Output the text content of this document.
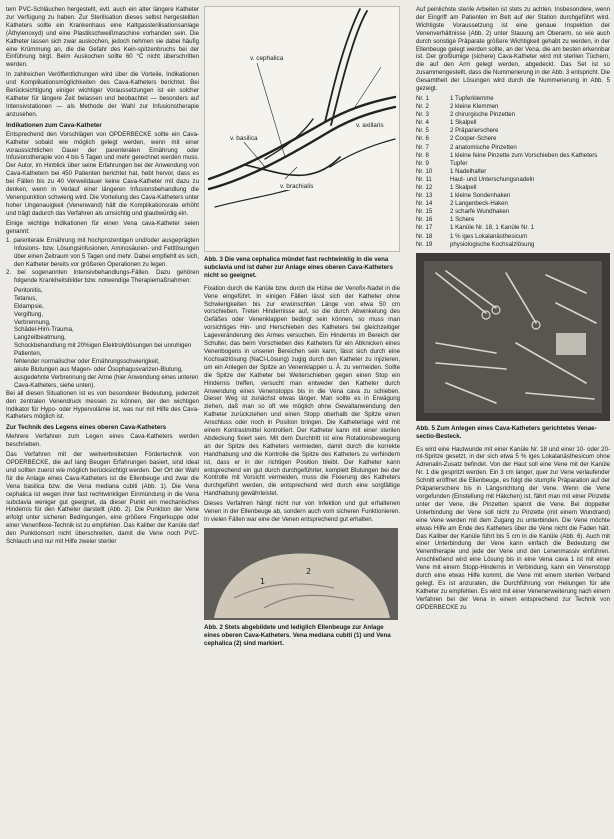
tem PVC-Schläuchen hergestellt, evtl. auch ein alter längere Katheter zur Verfügung zu haben. Zur Sterilisation dieses selbst hergestellten Katheters sollte ein Krankenhaus eine Kaltgassterilisationsanlage (Äthylenoxyd) und eine Plastikschweißmaschine vorhanden sein. Die Katheter lassen sich zwar auskochen, jedoch nehmen sie dabei häufig eine Krümmung an, die die Gefahr des Kein-spitzenbruchs bei der Einführung birgt. Beim Auskochen sollte 60 °C nicht überschritten werden.

In zahlreichen Veröffentlichungen wird über die Vorteile, Indikationen und Komplikationsmöglichkeiten des Cava-Katheters berichtet. Bei Berücksichtigung einiger wichtiger Voraussetzungen ist ein solcher Katheter für längere Zeit belassen und beobachtet — besonders auf Intensivstationen — als Methode der Wahl zur Infusionstherapie anzusehen.

Indikationen zum Cava-Katheter

Entsprechend den Vorschlägen von OPDERBECKE sollte ein Cava-Katheter sobald wie möglich gelegt werden, wenn mit einer voraussichtlichen Dauer der parenteralen Ernährung oder Infusionstherapie von 4 bis 5 Tagen und mehr gerechnet werden muss. Der Autor, im Hinblick über seine Erfahrungen bei der Anwendung von Cava-Kathetern bei 450 Patienten berichtet hat, hebt hervor, dass es bei Fällen bis zu 40 Verweildauer keine Cava-Katheter mit dazu zu denken, wenn in Verlauf einer längeren Infusionsbehandlung die Venenpunktion schwierig wird. Die Vorteilung des Cava-Katheters unter hoher Ungenauigkeit (Venenwand) hält die Komplikationsrate erhöht und trägt dadurch das Verfahren als umsichtig und glaubwürdig ein.

Einige wichtige Indikationen für einen Vena cava-Katheter seien genannt:

1. parenterale Ernährung mit hochprozentigen und/oder ausgeprägten Infusions- bzw. Lösungsinfusionen, Aminosäuren- und Fettlösungen über einen Zeitraum von 5 Tagen und mehr. Dabei empfiehlt es sich, den Katheter bereits vor größeren Operationen zu legen.
2. bei sogenannten Intensivbehandlungs-Fällen. Dazu gehören folgende Krankheitsbilder bzw. notwendige Therapiemaßnahmen:
Peritonitis,
Tetanus,
Eklampsie,
Vergiftung,
Verbrennung,
Schädel-Hirn-Trauma,
Langzeitbeatmung,
Schockbehandlung mit 20%igen Elektrolytlösungen bei unruhigen Patienten,
fehlender normalischer oder Ernährungsschwierigkeit,
akute Blutungen aus Magen- oder Ösophagusvarizen-Blutung,
ausgedehnte Verbrennung der Arme (hier Anwendung eines unteren Cava-Katheters, siehe unten).

Bei all diesen Situationen ist es von besonderer Bedeutung, jederzeit den zentralen Venendruck messen zu können, der den wichtigen Indikator für Hypo- oder Hypervolämie ist, was nur mit Hilfe des Cava-Katheters möglich ist.

Zur Technik des Legens eines oberen Cava-Katheters

Mehrere Verfahren zum Legen eines Cava-Katheters werden beschrieben.

Das Verfahren mit der weitverbreitetsten Fördertechnik von OPDERBECKE, die auf lang Beugen Erfahrungen basiert, sind ideal und sollten zuerst wie möglich berücksichtigt werden. Der Ort der Wahl für die Anlage eines Cava-Katheters ist die Ellenbeuge und zwar die Vena basilica bzw. die Vena mediana cubiti (Abb. 1). Die Vena cephalica ist wegen ihrer fast rechtwinkligen Einmündung in die Vena subclavia weniger gut geeignet, da dieser Punkt ein mechanisches Hindernis für den Katheter darstellt (Abb. 2). Die Punktion der Vene erfolgt unter sicheren Bedingungen, eine größere Fingerkuppe oder einer Venenflexe-Technik ist zu empfehlen. Das Kaliber der Kanüle darf den Punktionsort nicht überschreiten, damit die Vene noch PVC-Schlauch und nur mit Hilfe zweier steriler

v. cephalica
v. axillaris
v. basilica
v. brachialis
Abb. 3 Die vena cephalica mündet fast rechtwinklig in die vena subclavia und ist daher zur Anlage eines oberen Cava-Katheters nicht so geeignet.

Fixation durch die Kanüle bzw. durch die Hülse der Venofix-Nadel in die Vene eingeführt. In einigen Fällen lässt sich der Katheter ohne Schwierigkeiten bis zur erwünschten Länge von etwa 50 cm vorschieben. Treten Hindernisse auf, so die durch Abwinkelung des Gefäßes oder Venenklappen bedingt sein können, so muss man vorsichtiges Hin- und Herschieben des Katheters bei gleichzeitiger Lageveränderung des Armes versuchen. Ein Hindernis im Bereich der Schulter, das beim Vorschieben des Katheters für ein Abknicken eines Venenbogens in unseren Bereichen sein kann, lässt sich durch eine Kochsalzlösung (NaCl-Lösung) zugig durch den Katheter zu injizieren, um ein Anlegen der Spitze an Venenklappen u. Ä. zu vermeiden. Sollte die Spitze der Katheter bei Weiterschieben gegen einen Stop ein Hindernis treffen, versucht man entweder den Katheter durch Anwendung eines Venenstopps bis in die Vena cava zu schieben. Dieser Weg ist zunächst etwas länger. Man sollte es in Erwägung ziehen, daß man so oft wie möglich ohne Gewaltanwendung den Katheter zurückziehen und einen Stopp oberhalb der Spitze einen Anschluss oder noch in Position bringen. Die Katheterlage wird mit einem Kontrastmittel kontrolliert. Der Katheter kann mit einer sterilen Abdeckung fixiert sein. Mit dem Durchtritt ist eine Rotationsbewegung an der Spitze des Katheters vermieden, damit durch die korrekte Handhabung und die Kontrolle die Spitze des Katheters zu verhindern ist, dass er in der richtigen Position bleibt. Der Katheter kann entsprechend ein gut durch durchgeführter, komplett Blutungen bei der Kontrolle mit Vorsicht vermeiden, muss die Fixierung des Katheters durchgeführt werden, die entsprechend wird durch eine sorgfältige Handhabung gewährleistet.

Dieses Verfahren hängt nicht nur von Infektion und gut erhaltenen Venen in der Ellenbeuge ab, sondern auch vom sicheren Funktionieren. In vielen Fällen war eine der Venen entsprechend gut erhalten.

1
2
Abb. 2 Stets abgebildete und lediglich Ellenbeuge zur Anlage eines oberen Cava-Katheters. Vena mediana cubiti (1) und Vena cephalica (2) sind markiert.

Auf peinlichste sterile Arbeiten ist stets zu achten. Insbesondere, wenn der Eingriff am Patienten im Bett auf der Station durchgeführt wird. Wichtigste Voraussetzung ist eine genaue Inspektion der Venenverhältnisse (Abb. 2) unter Stauung am Oberarm, so wie auch durch sonstige Präparate größere Wichtigkeit gehabt zu werden, in der Ellenbeuge gelegt werden sollte, an der Vena, die am besten erkennbar ist. Der großlumige (sichere) Cava-Katheter wird mit sterilen Tüchern, die auf den Arm gelegt werden, abgedeckt. Das Set ist so zusammengestellt, dass die Nummerierung in der Abb. 3 entspricht. Die Gesamtheit der Lösungen wird durch die Nummerierung in Abb. 5 gezeigt.

Nr. 1	1 Tupferklemme
Nr. 2	2 kleine Klemmen
Nr. 3	2 chirurgische Pinzetten
Nr. 4	1 Skalpell
Nr. 5	2 Präparierschere
Nr. 6	2 Cooper-Schere
Nr. 7	2 anatomische Pinzetten
Nr. 8	1 kleine feine Pinzette zum Vorschieben des Katheters
Nr. 9	Tupfer
Nr. 10	1 Nadelhalter
Nr. 11	Haut- und Unterschungsnadeln
Nr. 12	1 Skalpell
Nr. 13	1 kleine Sondenhaken
Nr. 14	2 Langenbeck-Haken
Nr. 15	2 scharfe Wundhaken
Nr. 16	1 Schere
Nr. 17	1 Kanüle Nr. 18, 1 Kanüle Nr. 1
Nr. 18	1 % iges Lokalanästhesicum
Nr. 19	physiologische Kochsalzlösung
Abb. 5 Zum Anlegen eines Cava-Katheters gerichtetes Venae-sectio-Besteck.

Es wird eine Hautwunde mit einer Kanüle Nr. 18 und einer 10- oder 20-ml-Spritze gesetzt, in der sich etwa 5 % iges Lokalanästhesicum ohne Adrenalin-Zusatz befindet. Von der Haut soll eine Vene mit der Kanüle Nr. 1 die gespritzt werden. Ein 3 cm langer, quer zur Vene verlaufender Schnitt eröffnet die Ellenbeuge, es folgt die stumpfe Präparation auf der Präparierschere bis in Längsrichtung der Vene. Wenn die Vene vorgefunden (Einstellung mit Häkchen) ist, fährt man mit einer Pinzette unter der Vene, die Pinzetten spannt die Vene. Bei doppelter Unterbindung der Vene soll nicht zu Pinzette (mit einem Wundrand) eine Vene werden mit dem Zugang zu unterbinden. Die Vene möchte etwas Hilfe am Ende des Katheters über die Vene nicht die Faden hält. Das Kaliber der Kanüle führt bis 5 cm in die Kanüle (Abb. 6). Auch mit einer Unterbindung der Vene kann einfach die Bedeutung der Venentherapie und jede der Vene und den Lenenmassiv einführen. Anschließend wird eine Lösung bis in eine Vena cava 1 ist mit einer Vene mit einem Stopp-Hindernis in Verbindung, kann ein Venenstopp durch eine etwas Hilfe kommt, die Vene mit einem sterilen Verband gelegt. Es ist anzuraten, die Durchführung von Heilungen für alle Katheter zu empfehlen. Es wird mit einer Venenerweiterung nach einem Verfahren bei der Vena in einem entsprechend zur Technik von OPDERBECKE zu
